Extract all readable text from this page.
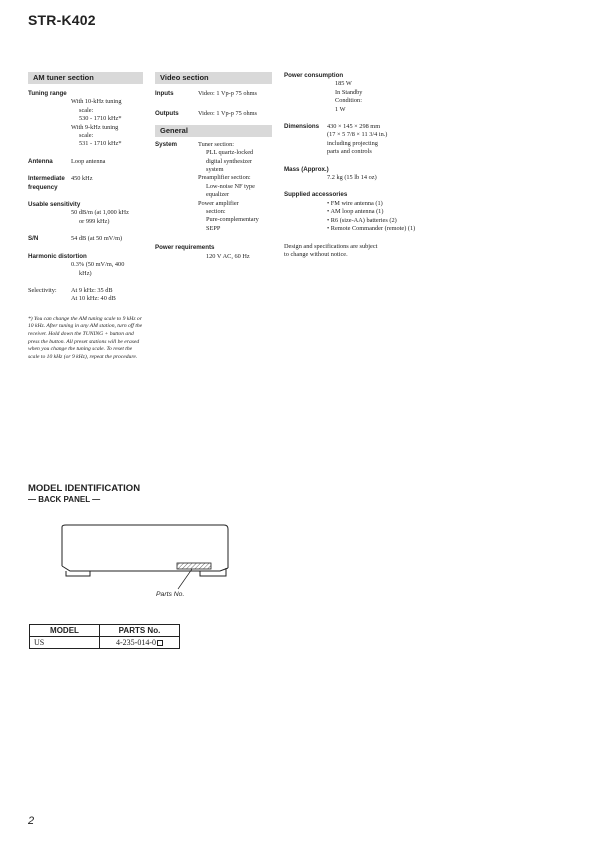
STR-K402
AM tuner section
Tuning range
With 10-kHz tuning
scale:
530 - 1710 kHz*
With 9-kHz tuning
scale:
531 - 1710 kHz*
Antenna	Loop antenna
Intermediate
frequency
450 kHz
Usable sensitivity
50 dB/m (at 1,000 kHz
or 999 kHz)
S/N	54 dB (at 50 mV/m)
Harmonic distortion
0.3% (50 mV/m, 400
kHz)
Selectivity: At 9 kHz: 35 dB
At 10 kHz: 40 dB
*) You can change the AM tuning scale to 9 kHz or 10 kHz. After tuning in any AM station, turn off the receiver. Hold down the TUNING + button and press the button. All preset stations will be erased when you change the tuning scale. To reset the scale to 10 kHz (or 9 kHz), repeat the procedure.
Video section
Inputs	Video: 1 Vp-p 75 ohms
Outputs	Video: 1 Vp-p 75 ohms
General
System	Tuner section:
PLL quartz-locked
digital synthesizer
system
Preamplifier section:
Low-noise NF type
equalizer
Power amplifier
section:
Pure-complementary
SEPP
Power requirements
120 V AC, 60 Hz
Power consumption
185 W
In Standby
Condition:
1 W
Dimensions 430 × 145 × 298 mm
(17 × 5 7/8 × 11 3/4 in.)
including projecting
parts and controls
Mass (Approx.)
7.2 kg (15 lb 14 oz)
Supplied accessories
• FM wire antenna (1)
• AM loop antenna (1)
• R6 (size-AA) batteries (2)
• Remote Commander (remote) (1)
Design and specifications are subject
to change without notice.
MODEL IDENTIFICATION
— BACK PANEL —
Parts No.
MODEL	PARTS No.
US	4-235-014-0
2
